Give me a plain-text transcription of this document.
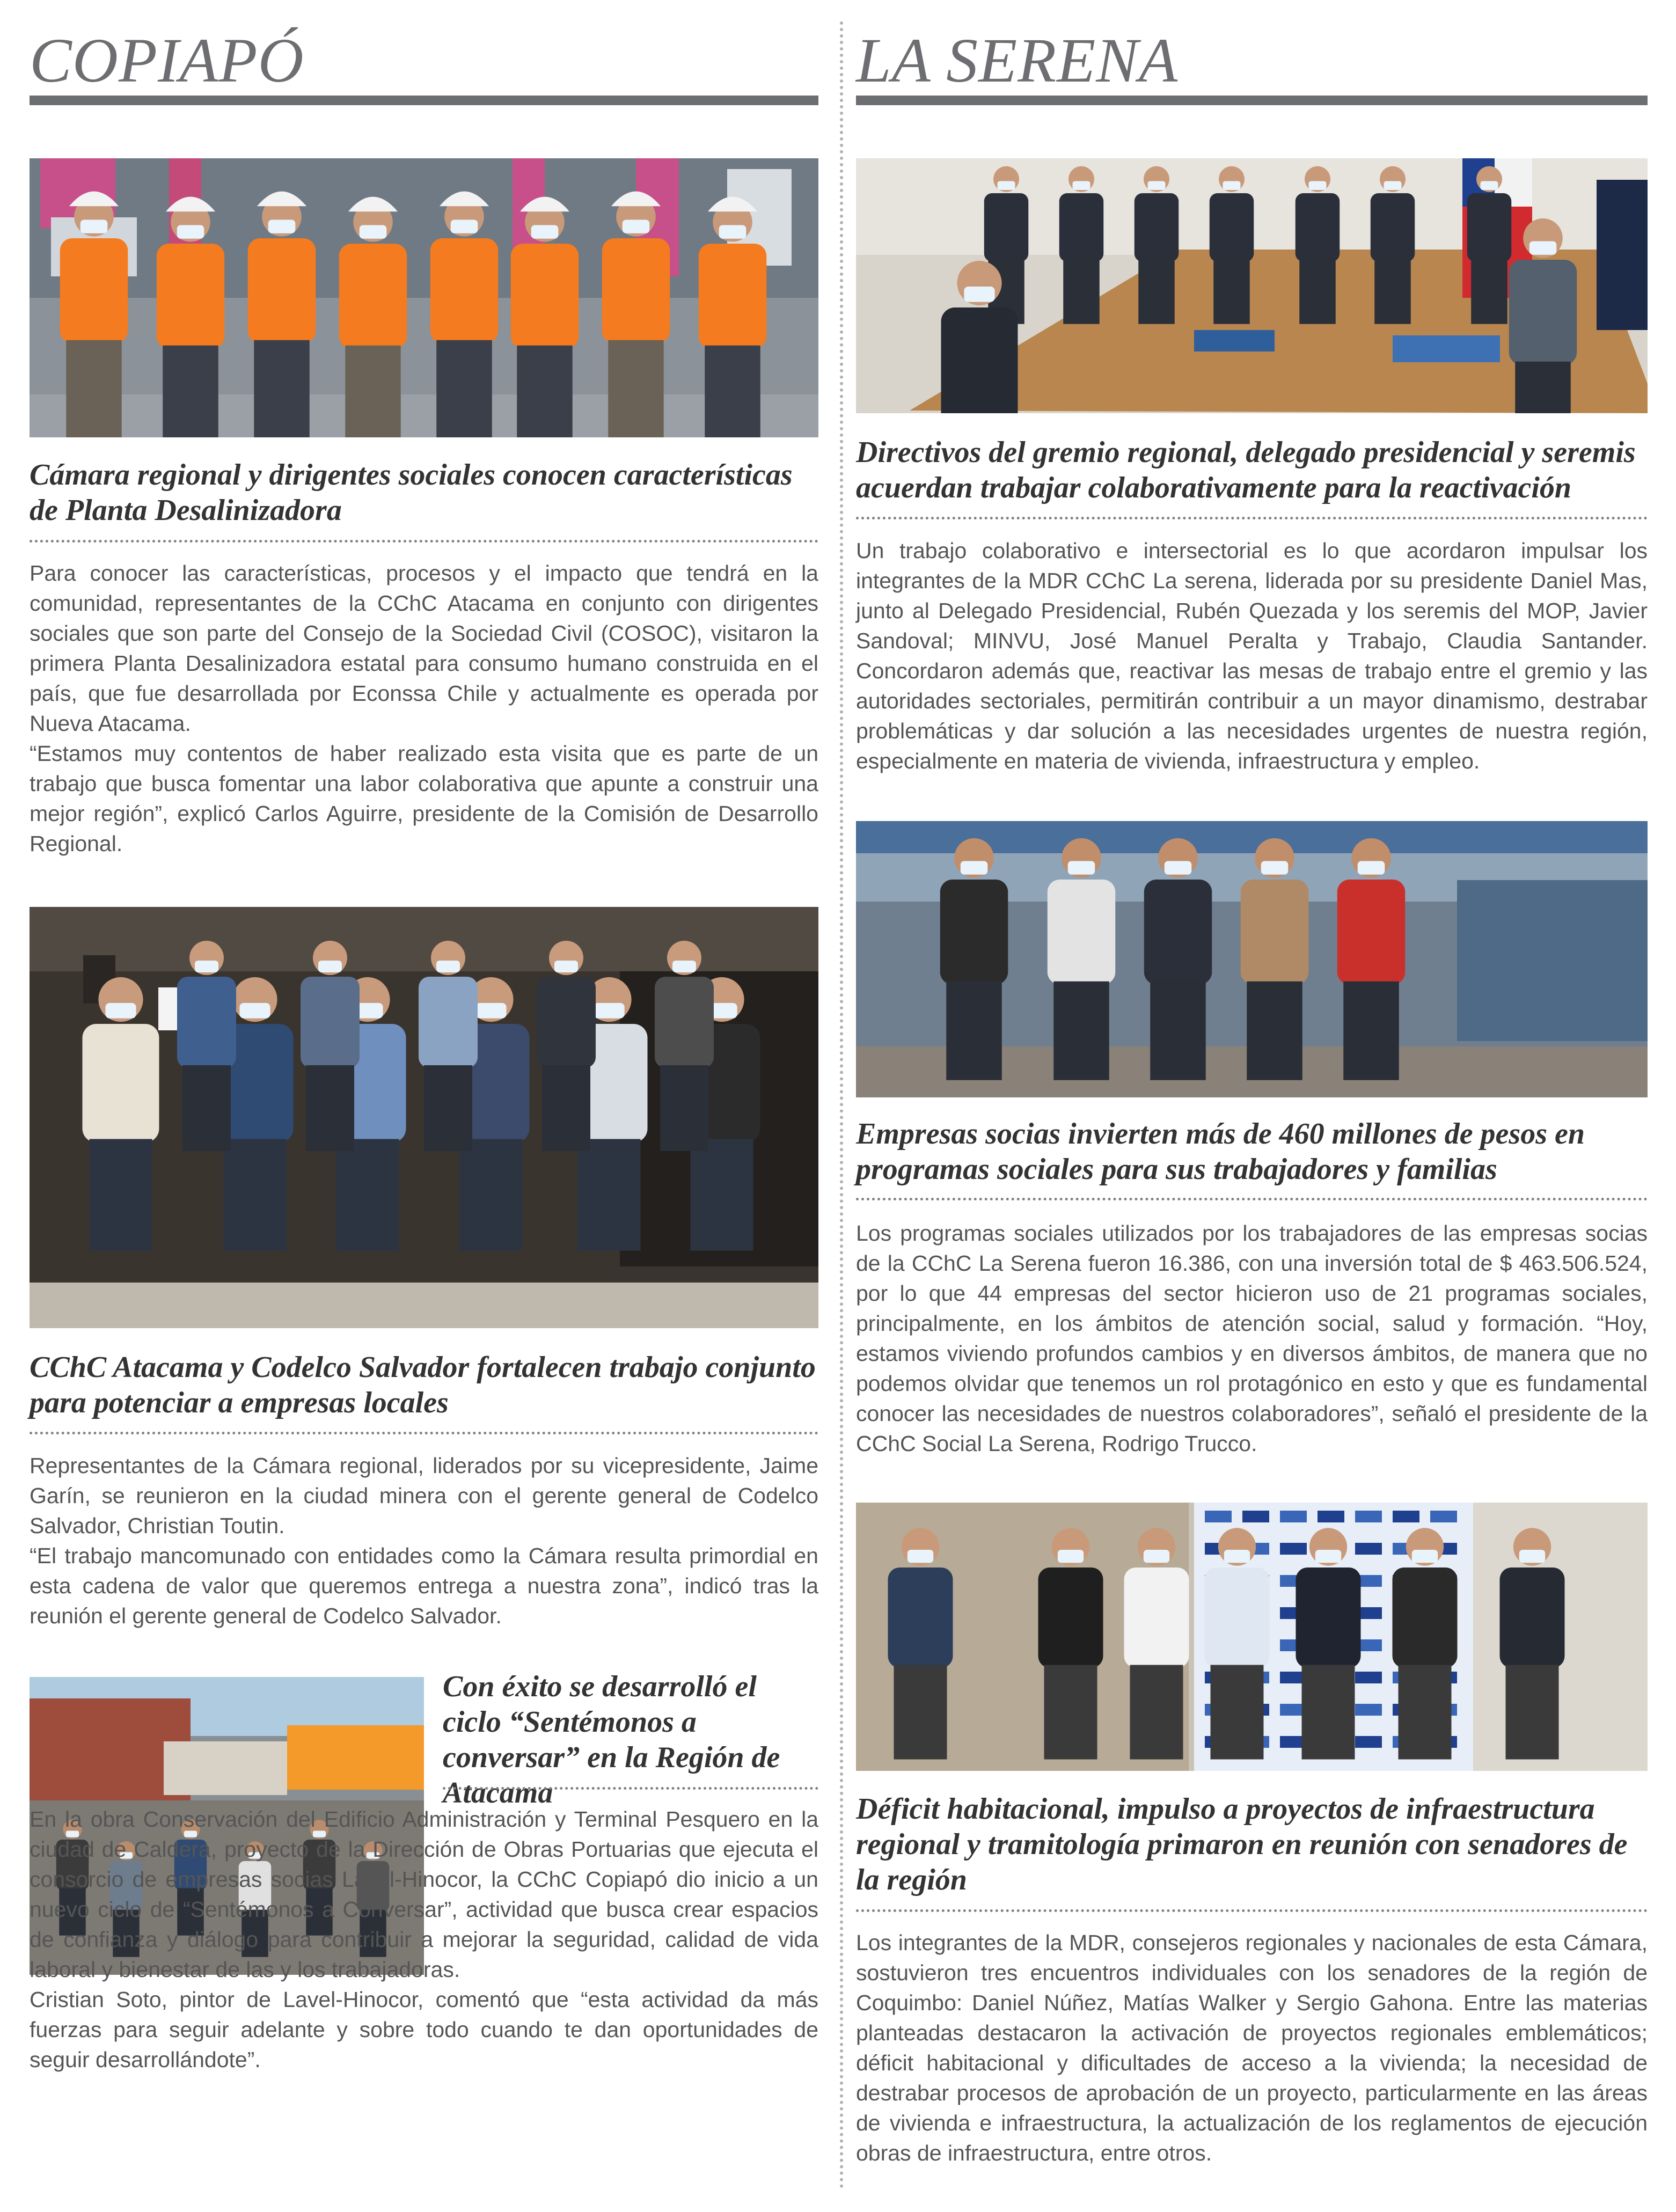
COPIAPÓ
Cámara regional y dirigentes sociales conocen características de Planta Desalinizadora

Para conocer las características, procesos y el impacto que tendrá en la comunidad, representantes de la CChC Atacama en conjunto con dirigentes sociales que son parte del Consejo de la Sociedad Civil (COSOC), visitaron la primera Planta Desalinizadora estatal para consumo humano construida en el país, que fue desarrollada por Econssa Chile y actualmente es operada por Nueva Atacama.

“Estamos muy contentos de haber realizado esta visita que es parte de un trabajo que busca fomentar una labor colaborativa que apunte a construir una mejor región”, explicó Carlos Aguirre, presidente de la Comisión de Desarrollo Regional.

CChC Atacama y Codelco Salvador fortalecen trabajo conjunto para potenciar a empresas locales

Representantes de la Cámara regional, liderados por su vicepresidente, Jaime Garín, se reunieron en la ciudad minera con el gerente general de Codelco Salvador, Christian Toutin.

“El trabajo mancomunado con entidades como la Cámara resulta primordial en esta cadena de valor que queremos entrega a nuestra zona”, indicó tras la reunión el gerente general de Codelco Salvador.

Con éxito se desarrolló el ciclo “Sentémonos a conversar” en la Región de Atacama

En la obra Conservación del Edificio Administración y Terminal Pesquero en la ciudad de Caldera, proyecto de la Dirección de Obras Portuarias que ejecuta el consorcio de empresas socias Lavel-Hinocor, la CChC Copiapó dio inicio a un nuevo ciclo de “Sentémonos a Conversar”, actividad que busca crear espacios de confianza y diálogo para contribuir a mejorar la seguridad, calidad de vida laboral y bienestar de las y los trabajadoras.

Cristian Soto, pintor de Lavel-Hinocor, comentó que “esta actividad da más fuerzas para seguir adelante y sobre todo cuando te dan oportunidades de seguir desarrollándote”.

LA SERENA
Directivos del gremio regional, delegado presidencial y seremis acuerdan trabajar colaborativamente para la reactivación

Un trabajo colaborativo e intersectorial es lo que acordaron impulsar los integrantes de la MDR CChC La serena, liderada por su presidente Daniel Mas, junto al Delegado Presidencial, Rubén Quezada y los seremis del MOP, Javier Sandoval; MINVU, José Manuel Peralta y Trabajo, Claudia Santander. Concordaron además que, reactivar las mesas de trabajo entre el gremio y las autoridades sectoriales, permitirán contribuir a un mayor dinamismo, destrabar problemáticas y dar solución a las necesidades urgentes de nuestra región, especialmente en materia de vivienda, infraestructura y empleo.

Empresas socias invierten más de 460 millones de pesos en programas sociales para sus trabajadores y familias

Los programas sociales utilizados por los trabajadores de las empresas socias de la CChC La Serena fueron 16.386, con una inversión total de $ 463.506.524, por lo que 44 empresas del sector hicieron uso de 21 programas sociales, principalmente, en los ámbitos de atención social, salud y formación. “Hoy, estamos viviendo profundos cambios y en diversos ámbitos, de manera que no podemos olvidar que tenemos un rol protagónico en esto y que es fundamental conocer las necesidades de nuestros colaboradores”, señaló el presidente de la CChC Social La Serena, Rodrigo Trucco.

Déficit habitacional, impulso a proyectos de infraestructura regional y tramitología primaron en reunión con senadores de la región

Los integrantes de la MDR, consejeros regionales y nacionales de esta Cámara, sostuvieron tres encuentros individuales con los senadores de la región de Coquimbo: Daniel Núñez, Matías Walker y Sergio Gahona. Entre las materias planteadas destacaron la activación de proyectos regionales emblemáticos; déficit habitacional y dificultades de acceso a la vivienda; la necesidad de destrabar procesos de aprobación de un proyecto, particularmente en las áreas de vivienda e infraestructura, la actualización de los reglamentos de ejecución obras de infraestructura, entre otros.
